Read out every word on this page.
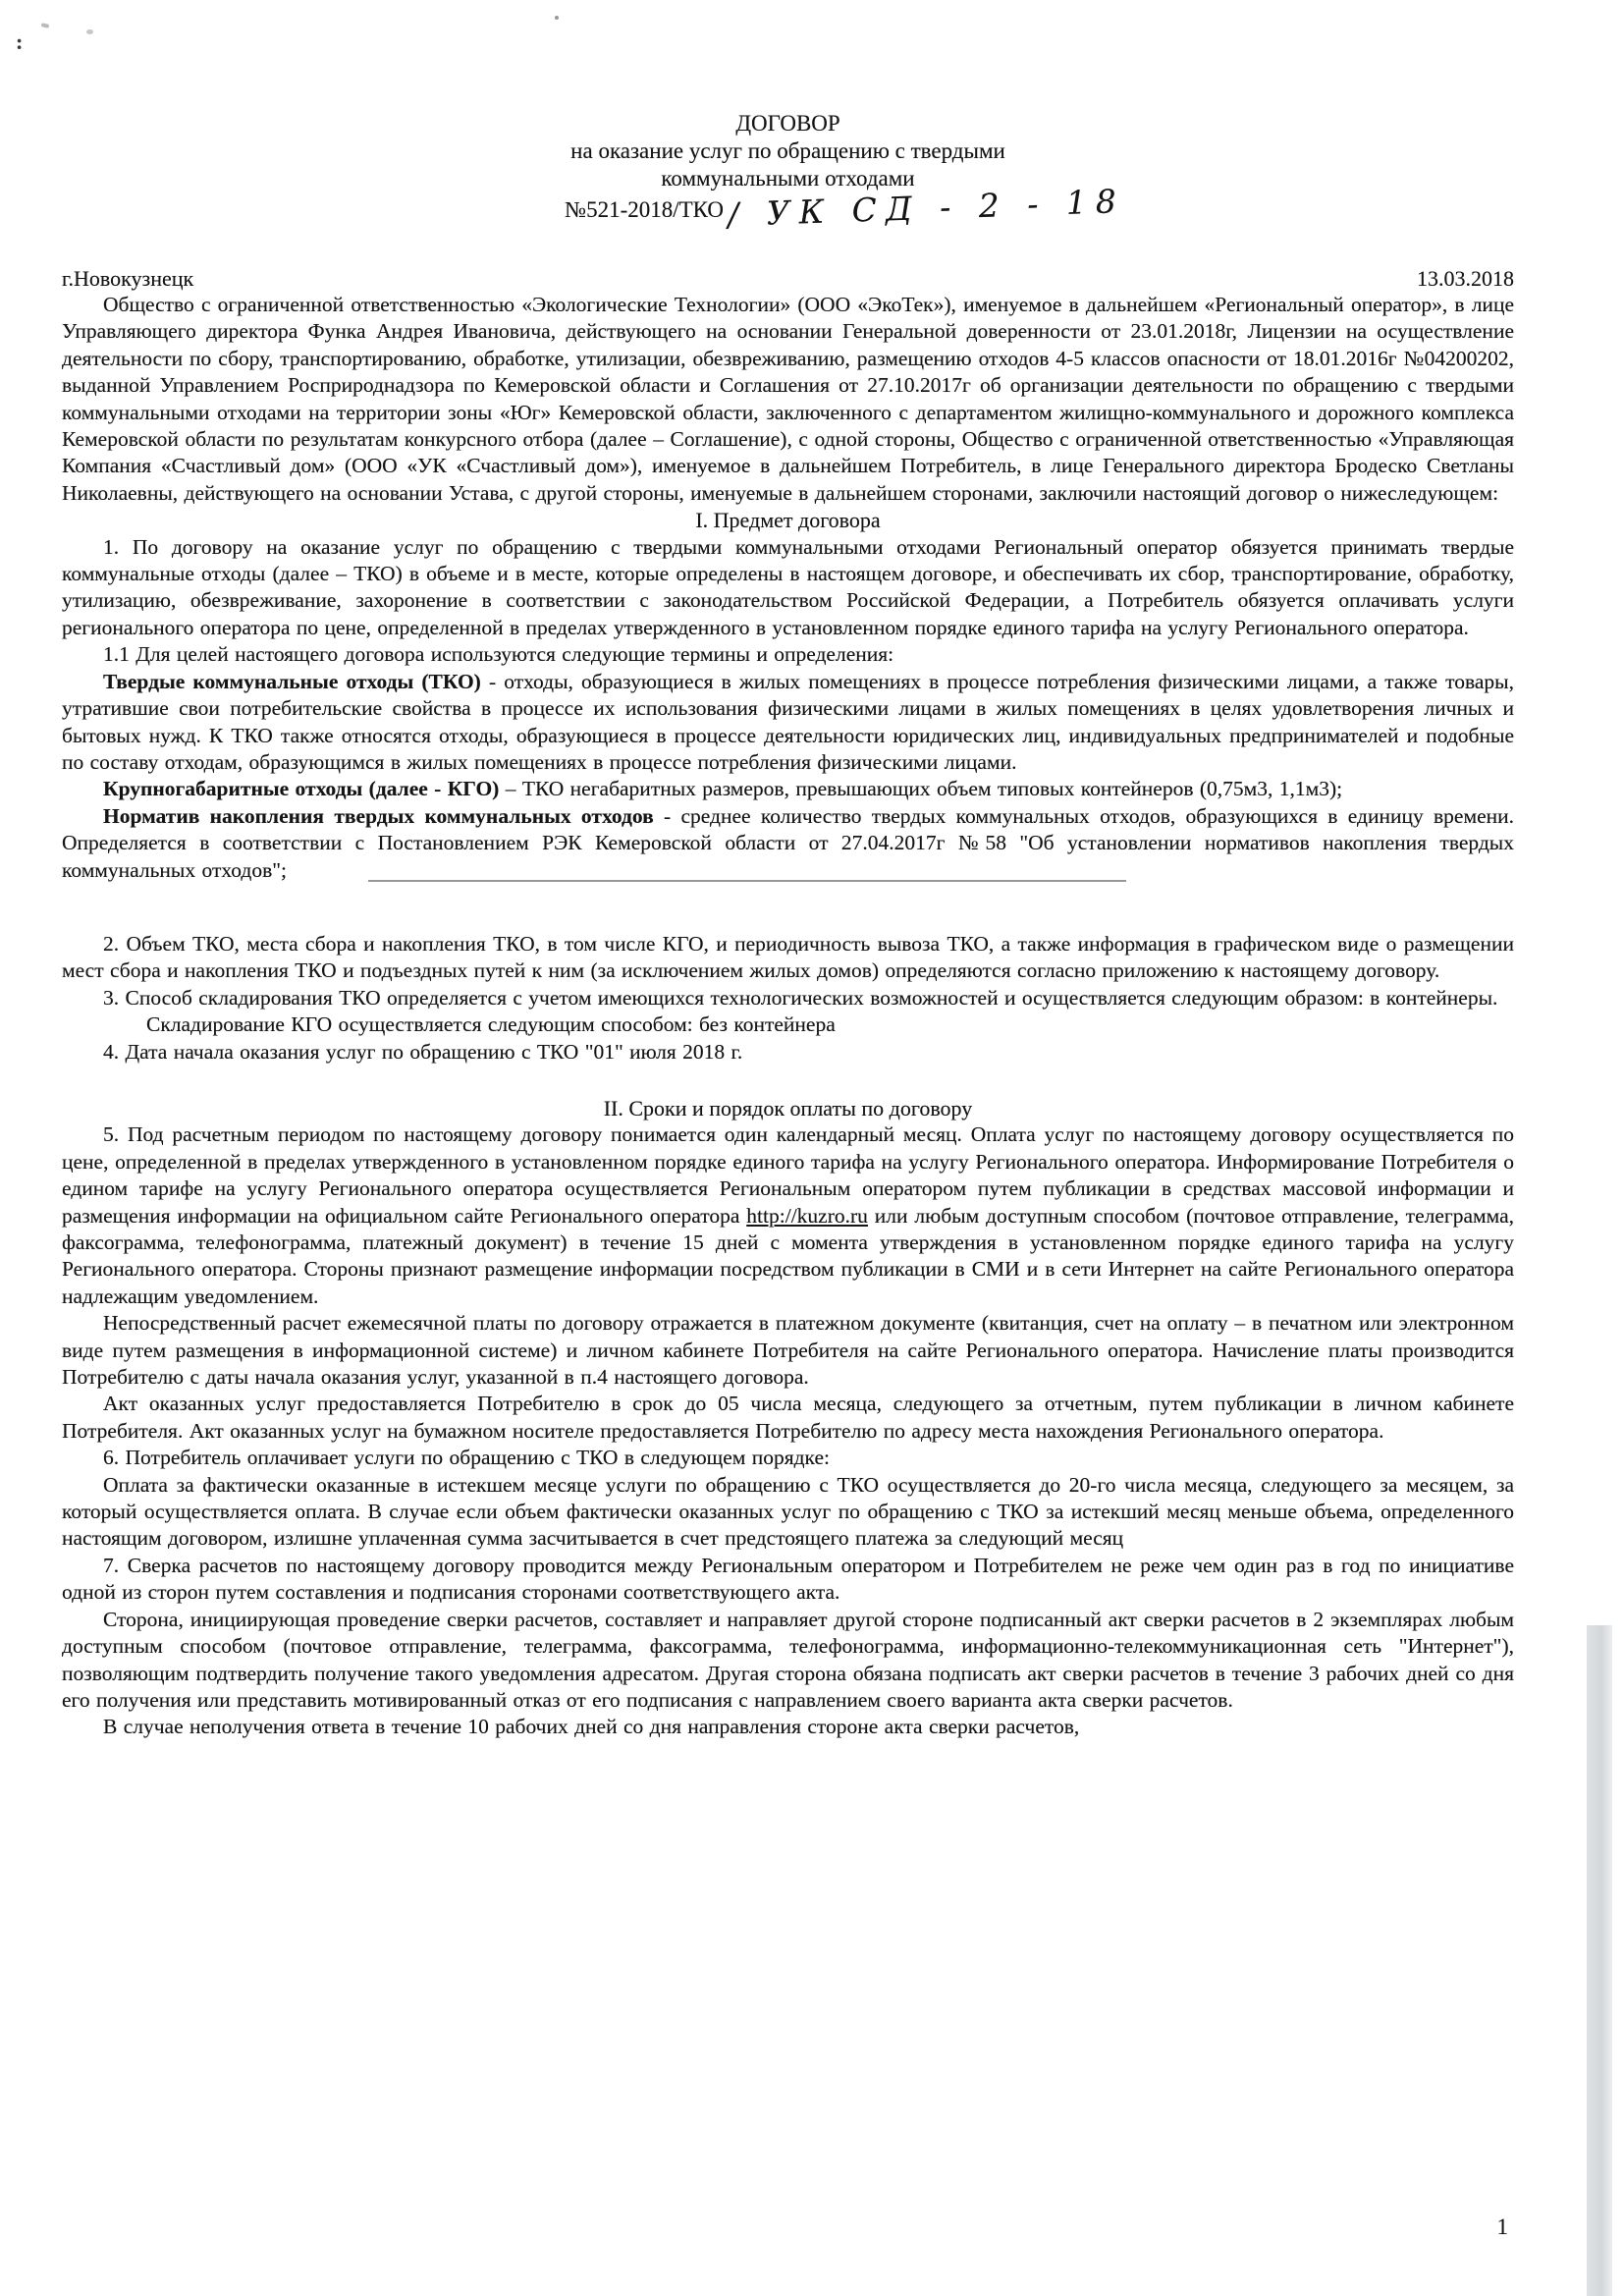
:
ДОГОВОР
на оказание услуг по обращению с твердыми
коммунальными отходами
№521-2018/ТКО / УК СД - 2 - 18
г.Новокузнецк	13.03.2018

Общество с ограниченной ответственностью «Экологические Технологии» (ООО «ЭкоТек»), именуемое в дальнейшем «Региональный оператор», в лице Управляющего директора Функа Андрея Ивановича, действующего на основании Генеральной доверенности от 23.01.2018г, Лицензии на осуществление деятельности по сбору, транспортированию, обработке, утилизации, обезвреживанию, размещению отходов 4-5 классов опасности от 18.01.2016г №04200202, выданной Управлением Росприроднадзора по Кемеровской области и Соглашения от 27.10.2017г об организации деятельности по обращению с твердыми коммунальными отходами на территории зоны «Юг» Кемеровской области, заключенного с департаментом жилищно-коммунального и дорожного комплекса Кемеровской области по результатам конкурсного отбора (далее – Соглашение), с одной стороны, Общество с ограниченной ответственностью «Управляющая Компания «Счастливый дом» (ООО «УК «Счастливый дом»), именуемое в дальнейшем Потребитель, в лице Генерального директора Бродеско Светланы Николаевны, действующего на основании Устава, с другой стороны, именуемые в дальнейшем сторонами, заключили настоящий договор о нижеследующем:

I. Предмет договора

1. По договору на оказание услуг по обращению с твердыми коммунальными отходами Региональный оператор обязуется принимать твердые коммунальные отходы (далее – ТКО) в объеме и в месте, которые определены в настоящем договоре, и обеспечивать их сбор, транспортирование, обработку, утилизацию, обезвреживание, захоронение в соответствии с законодательством Российской Федерации, а Потребитель обязуется оплачивать услуги регионального оператора по цене, определенной в пределах утвержденного в установленном порядке единого тарифа на услугу Регионального оператора.

1.1 Для целей настоящего договора используются следующие термины и определения:

Твердые коммунальные отходы (ТКО) - отходы, образующиеся в жилых помещениях в процессе потребления физическими лицами, а также товары, утратившие свои потребительские свойства в процессе их использования физическими лицами в жилых помещениях в целях удовлетворения личных и бытовых нужд. К ТКО также относятся отходы, образующиеся в процессе деятельности юридических лиц, индивидуальных предпринимателей и подобные по составу отходам, образующимся в жилых помещениях в процессе потребления физическими лицами.

Крупногабаритные отходы (далее - КГО) – ТКО негабаритных размеров, превышающих объем типовых контейнеров (0,75м3, 1,1м3);

Норматив накопления твердых коммунальных отходов - среднее количество твердых коммунальных отходов, образующихся в единицу времени. Определяется в соответствии с Постановлением РЭК Кемеровской области от 27.04.2017г №58 "Об установлении нормативов накопления твердых коммунальных отходов";

2. Объем ТКО, места сбора и накопления ТКО, в том числе КГО, и периодичность вывоза ТКО, а также информация в графическом виде о размещении мест сбора и накопления ТКО и подъездных путей к ним (за исключением жилых домов) определяются согласно приложению к настоящему договору.

3. Способ складирования ТКО определяется с учетом имеющихся технологических возможностей и осуществляется следующим образом: в контейнеры.

Складирование КГО осуществляется следующим способом: без контейнера

4. Дата начала оказания услуг по обращению с ТКО "01" июля 2018 г.

II. Сроки и порядок оплаты по договору

5. Под расчетным периодом по настоящему договору понимается один календарный месяц. Оплата услуг по настоящему договору осуществляется по цене, определенной в пределах утвержденного в установленном порядке единого тарифа на услугу Регионального оператора. Информирование Потребителя о едином тарифе на услугу Регионального оператора осуществляется Региональным оператором путем публикации в средствах массовой информации и размещения информации на официальном сайте Регионального оператора http://kuzro.ru или любым доступным способом (почтовое отправление, телеграмма, факсограмма, телефонограмма, платежный документ) в течение 15 дней с момента утверждения в установленном порядке единого тарифа на услугу Регионального оператора. Стороны признают размещение информации посредством публикации в СМИ и в сети Интернет на сайте Регионального оператора надлежащим уведомлением.

Непосредственный расчет ежемесячной платы по договору отражается в платежном документе (квитанция, счет на оплату – в печатном или электронном виде путем размещения в информационной системе) и личном кабинете Потребителя на сайте Регионального оператора. Начисление платы производится Потребителю с даты начала оказания услуг, указанной в п.4 настоящего договора.

Акт оказанных услуг предоставляется Потребителю в срок до 05 числа месяца, следующего за отчетным, путем публикации в личном кабинете Потребителя. Акт оказанных услуг на бумажном носителе предоставляется Потребителю по адресу места нахождения Регионального оператора.

6. Потребитель оплачивает услуги по обращению с ТКО в следующем порядке:

Оплата за фактически оказанные в истекшем месяце услуги по обращению с ТКО осуществляется до 20-го числа месяца, следующего за месяцем, за который осуществляется оплата. В случае если объем фактически оказанных услуг по обращению с ТКО за истекший месяц меньше объема, определенного настоящим договором, излишне уплаченная сумма засчитывается в счет предстоящего платежа за следующий месяц

7. Сверка расчетов по настоящему договору проводится между Региональным оператором и Потребителем не реже чем один раз в год по инициативе одной из сторон путем составления и подписания сторонами соответствующего акта.

Сторона, инициирующая проведение сверки расчетов, составляет и направляет другой стороне подписанный акт сверки расчетов в 2 экземплярах любым доступным способом (почтовое отправление, телеграмма, факсограмма, телефонограмма, информационно-телекоммуникационная сеть "Интернет"), позволяющим подтвердить получение такого уведомления адресатом. Другая сторона обязана подписать акт сверки расчетов в течение 3 рабочих дней со дня его получения или представить мотивированный отказ от его подписания с направлением своего варианта акта сверки расчетов.

В случае неполучения ответа в течение 10 рабочих дней со дня направления стороне акта сверки расчетов,

1
